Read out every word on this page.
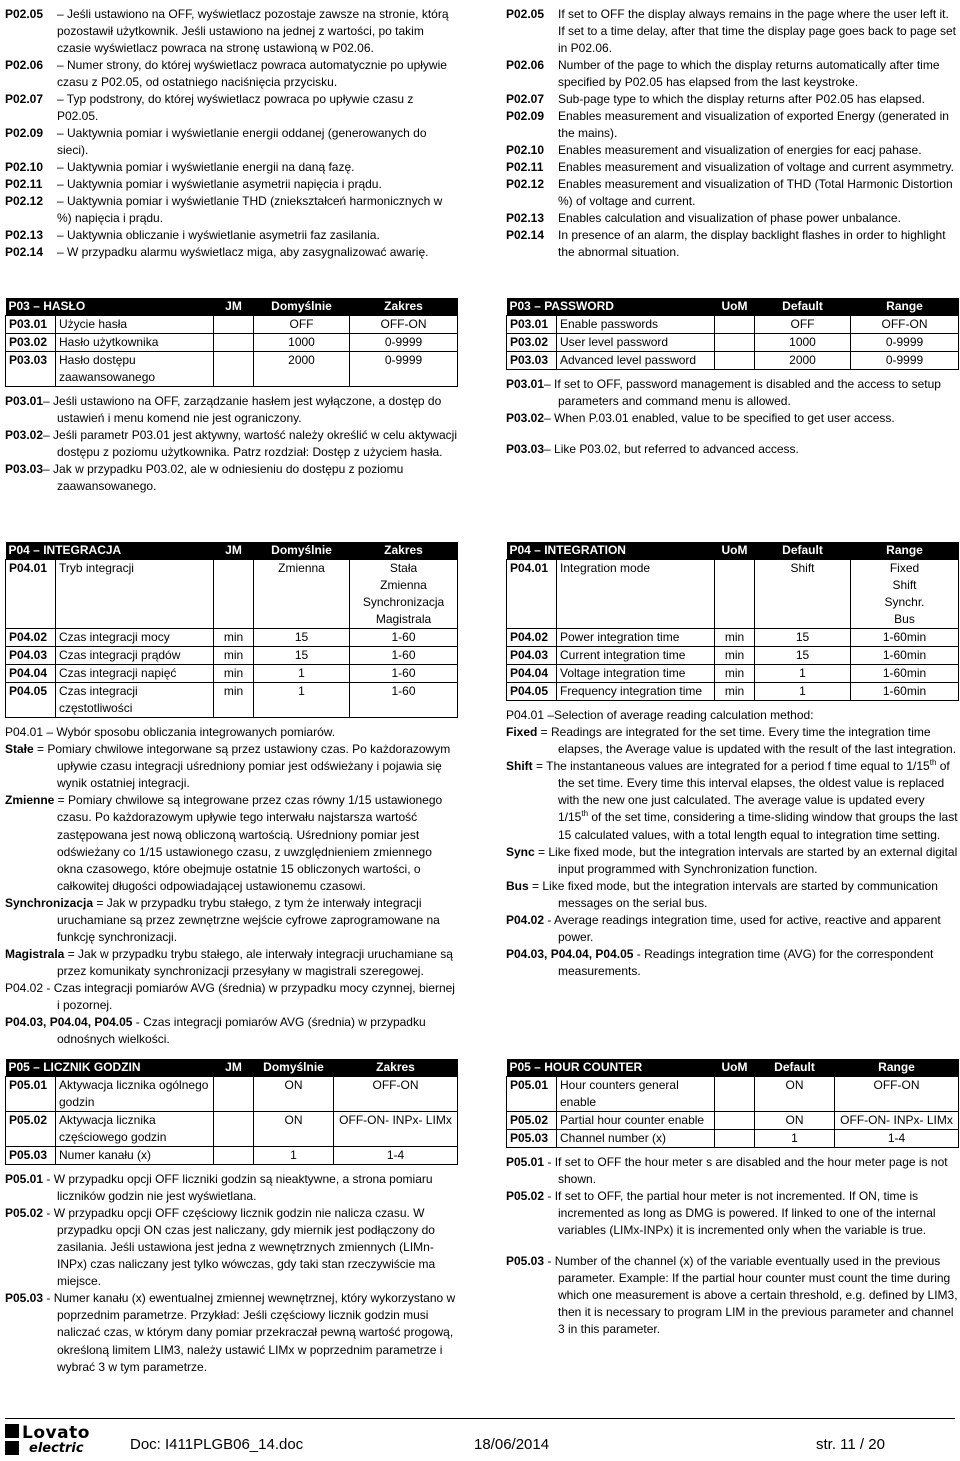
P02.05 – Jeśli ustawiono na OFF, wyświetlacz pozostaje zawsze na stronie, którą pozostawił użytkownik. Jeśli ustawiono na jednej z wartości, po takim czasie wyświetlacz powraca na stronę ustawioną w P02.06.
P02.06 – Numer strony, do której wyświetlacz powraca automatycznie po upływie czasu z P02.05, od ostatniego naciśnięcia przycisku.
P02.07 – Typ podstrony, do której wyświetlacz powraca po upływie czasu z P02.05.
P02.09 – Uaktywnia pomiar i wyświetlanie energii oddanej (generowanych do sieci).
P02.10 – Uaktywnia pomiar i wyświetlanie energii na daną fazę.
P02.11 – Uaktywnia pomiar i wyświetlanie asymetrii napięcia i prądu.
P02.12 – Uaktywnia pomiar i wyświetlanie THD (zniekształceń harmonicznych w %) napięcia i prądu.
P02.13 – Uaktywnia obliczanie i wyświetlanie asymetrii faz zasilania.
P02.14 – W przypadku alarmu wyświetlacz miga, aby zasygnalizować awarię.
P03 – HASŁO		JM	Domyślnie	Zakres
P03.01	Użycie hasła		OFF	OFF-ON
P03.02	Hasło użytkownika		1000	0-9999
P03.03	Hasło dostępu zaawansowanego		2000	0-9999

P03.01– Jeśli ustawiono na OFF, zarządzanie hasłem jest wyłączone, a dostęp do ustawień i menu komend nie jest ograniczony.

P03.02– Jeśli parametr P03.01 jest aktywny, wartość należy określić w celu aktywacji dostępu z poziomu użytkownika. Patrz rozdział: Dostęp z użyciem hasła.

P03.03– Jak w przypadku P03.02, ale w odniesieniu do dostępu z poziomu zaawansowanego.

P04 – INTEGRACJA		JM	Domyślnie	Zakres
P04.01	Tryb integracji		Zmienna	Stała
Zmienna
Synchronizacja
Magistrala

P04.02	Czas integracji mocy	min	15	1-60
P04.03	Czas integracji prądów	min	15	1-60
P04.04	Czas integracji napięć	min	1	1-60
P04.05	Czas integracji częstotliwości	min	1	1-60

P04.01 – Wybór sposobu obliczania integrowanych pomiarów.

Stałe = Pomiary chwilowe integorwane są przez ustawiony czas. Po każdorazowym upływie czasu integracji uśredniony pomiar jest odświeżany i pojawia się wynik ostatniej integracji.

Zmienne = Pomiary chwilowe są integrowane przez czas równy 1/15 ustawionego czasu. Po każdorazowym upływie tego interwału najstarsza wartość zastępowana jest nową obliczoną wartością. Uśredniony pomiar jest odświeżany co 1/15 ustawionego czasu, z uwzględnieniem zmiennego okna czasowego, które obejmuje ostatnie 15 obliczonych wartości, o całkowitej długości odpowiadającej ustawionemu czasowi.

Synchronizacja = Jak w przypadku trybu stałego, z tym że interwały integracji uruchamiane są przez zewnętrzne wejście cyfrowe zaprogramowane na funkcję synchronizacji.

Magistrala = Jak w przypadku trybu stałego, ale interwały integracji uruchamiane są przez komunikaty synchronizacji przesyłany w magistrali szeregowej.

P04.02 - Czas integracji pomiarów AVG (średnia) w przypadku mocy czynnej, biernej i pozornej.

P04.03, P04.04, P04.05 - Czas integracji pomiarów AVG (średnia) w przypadku odnośnych wielkości.

P05 – LICZNIK GODZIN		JM	Domyślnie	Zakres
P05.01	Aktywacja licznika ogólnego godzin		ON	OFF-ON
P05.02	Aktywacja licznika częściowego godzin		ON	OFF-ON- INPx- LIMx
P05.03	Numer kanału (x)		1	1-4

P05.01 - W przypadku opcji OFF liczniki godzin są nieaktywne, a strona pomiaru liczników godzin nie jest wyświetlana.

P05.02 - W przypadku opcji OFF częściowy licznik godzin nie nalicza czasu. W przypadku opcji ON czas jest naliczany, gdy miernik jest podłączony do zasilania. Jeśli ustawiona jest jedna z wewnętrznych zmiennych (LIMn-INPx) czas naliczany jest tylko wówczas, gdy taki stan rzeczywiście ma miejsce.

P05.03 - Numer kanału (x) ewentualnej zmiennej wewnętrznej, który wykorzystano w poprzednim parametrze. Przykład: Jeśli częściowy licznik godzin musi naliczać czas, w którym dany pomiar przekraczał pewną wartość progową, określoną limitem LIM3, należy ustawić LIMx w poprzednim parametrze i wybrać 3 w tym parametrze.

P02.05 If set to OFF the display always remains in the page where the user left it. If set to a time delay, after that time the display page goes back to page set in P02.06.
P02.06 Number of the page to which the display returns automatically after time specified by P02.05 has elapsed from the last keystroke.
P02.07 Sub-page type to which the display returns after P02.05 has elapsed.
P02.09 Enables measurement and visualization of exported Energy (generated in the mains).
P02.10 Enables measurement and visualization of energies for eacj pahase.
P02.11 Enables measurement and visualization of voltage and current asymmetry.
P02.12 Enables measurement and visualization of THD (Total Harmonic Distortion %) of voltage and current.
P02.13 Enables calculation and visualization of phase power unbalance.
P02.14 In presence of an alarm, the display backlight flashes in order to highlight the abnormal situation.
P03 – PASSWORD		UoM	Default	Range
P03.01	Enable passwords		OFF	OFF-ON
P03.02	User level password		1000	0-9999
P03.03	Advanced level password		2000	0-9999

P03.01– If set to OFF, password management is disabled and the access to setup parameters and command menu is allowed.

P03.02– When P.03.01 enabled, value to be specified to get user access.

P03.03– Like P03.02, but referred to advanced access.

P04 – INTEGRATION		UoM	Default	Range
P04.01	Integration mode		Shift	Fixed
Shift
Synchr.
Bus

P04.02	Power integration time	min	15	1-60min
P04.03	Current integration time	min	15	1-60min
P04.04	Voltage integration time	min	1	1-60min
P04.05	Frequency integration time	min	1	1-60min

P04.01 –Selection of average reading calculation method:

Fixed = Readings are integrated for the set time. Every time the integration time elapses, the Average value is updated with the result of the last integration.

Shift = The instantaneous values are integrated for a period f time equal to 1/15th of the set time. Every time this interval elapses, the oldest value is replaced with the new one just calculated. The average value is updated every 1/15th of the set time, considering a time-sliding window that groups the last 15 calculated values, with a total length equal to integration time setting.

Sync = Like fixed mode, but the integration intervals are started by an external digital input programmed with Synchronization function.

Bus = Like fixed mode, but the integration intervals are started by communication messages on the serial bus.

P04.02 - Average readings integration time, used for active, reactive and apparent power.

P04.03, P04.04, P04.05 - Readings integration time (AVG) for the correspondent measurements.

P05 – HOUR COUNTER		UoM	Default	Range
P05.01	Hour counters general enable		ON	OFF-ON
P05.02	Partial hour counter enable		ON	OFF-ON- INPx- LIMx
P05.03	Channel number (x)		1	1-4

P05.01 - If set to OFF the hour meter s are disabled and the hour meter page is not shown.

P05.02 - If set to OFF, the partial hour meter is not incremented. If ON, time is incremented as long as DMG is powered. If linked to one of the internal variables (LIMx-INPx) it is incremented only when the variable is true.

P05.03 - Number of the channel (x) of the variable eventually used in the previous parameter. Example: If the partial hour counter must count the time during which one measurement is above a certain threshold, e.g. defined by LIM3, then it is necessary to program LIM in the previous parameter and channel 3 in this parameter.

Lovato
electric	Doc: I411PLGB06_14.doc	18/06/2014	str. 11 / 20
